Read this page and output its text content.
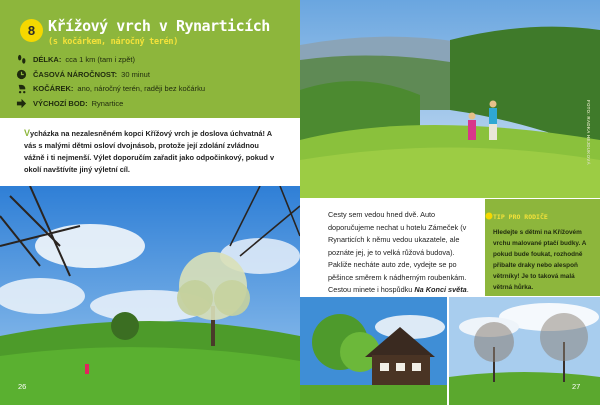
8 Křížový vrch v Rynarticích
(s kočárkem, náročný terén)
DÉLKA: cca 1 km (tam i zpět)
ČASOVÁ NÁROČNOST: 30 minut
KOČÁREK: ano, náročný terén, raději bez kočárku
VÝCHOZÍ BOD: Rynartice
Vycházka na nezalesněném kopci Křížový vrch je doslova úchvatná! A vás s malými dětmi osloví dvojnásob, protože její zdolání zvládnou vážně i ti nejmenší. Výlet doporučím zařadit jako odpočinkový, pokud v okolí navštívíte jiný výletní cíl.
26
FOTO: RADKA HEJDUKOVÁ
Cesty sem vedou hned dvě. Auto doporučujeme nechat u hotelu Zámeček (v Rynarticích k němu vedou ukazatele, ale poznáte jej, je to velká růžová budova). Pakliže necháte auto zde, vydejte se po pěšince směrem k nádherným roubenkám. Cestou minete i hospůdku Na Konci světa.
TIP PRO RODIČE
Hledejte s dětmi na Křížovém vrchu malované ptačí budky. A pokud bude foukat, rozhodně přibalte draky nebo alespoň větrníky! Je to taková malá větrná hůrka.
27
